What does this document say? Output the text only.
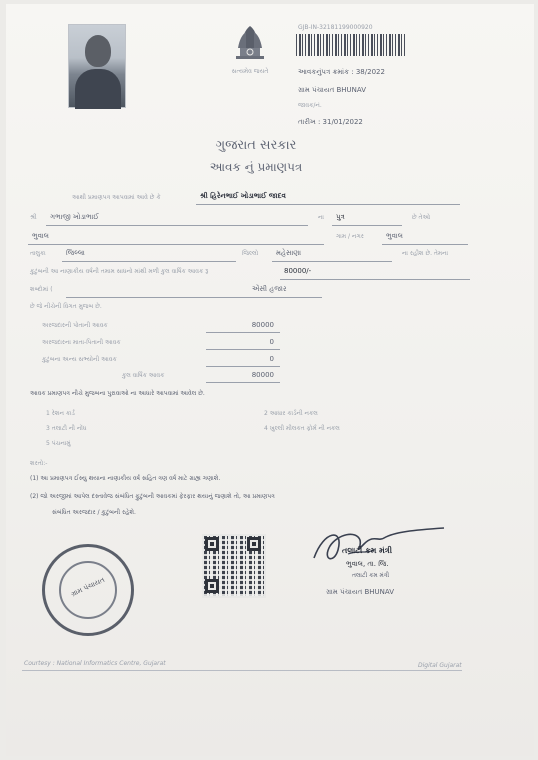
સત્યમેવ જયતે
GJB-IN-32181199000920
આવકનુંપત્ર ક્રમાંક : 38/2022
ગ્રામ પંચાયત BHUNAV
જાવક/નં.
તારીખ : 31/01/2022
ગુજરાત સરકાર
આવક નું પ્રમાણપત્ર
આથી પ્રમાણપત્ર આપવામાં આવે છે કે	શ્રી હિરેનભાઈ ખોડાભાઈ જાદવ
શ્રી ગભાજી ખોડાભાઈ	ના પુત્ર	છે તેઓ
ભુવાલ	ગામ / નગર	ભુવાલ
તાલુકા	જિલ્લા	જિલ્લો	મહેસાણા	ના રહીશ છે. તેમના
કુટુંબની આ નાણાકીય વર્ષની તમામ સાધનો માંથી મળી કુલ વાર્ષિક આવક રૂ	80000/-
શબ્દોમાં (	એંસી હજાર
છે જે નીચેની વિગત મુજબ છે.
અરજદારની પોતાની આવક	80000
અરજદારના માતા-પિતાની આવક	0
કુટુંબના અન્ય સભ્યોની આવક	0
કુલ વાર્ષિક આવક	80000
આવક પ્રમાણપત્ર નીચે મુજબના પુરાવાઓ ના આધારે આપવામાં આવેલ છે.
1 રેશન કાર્ડ	2 આધાર કાર્ડની નકલ
3 તલાટી ની નોંધ	4 ખુલ્લી મીલકત ફોર્મ ની નકલ
5 પંચનામું
શરતો:-
(1) આ પ્રમાણપત્ર ઈસ્યુ થયાના નાણાકીય વર્ષ સહિત ત્રણ વર્ષ માટે ગ્રાહ્ય ગણાશે.
(2) જો અરજીમાં આપેલ દસ્તાવેજ સંબંધિત ફુટુંબની આવકમાં ફેરફાર થયાનું જણાશે તો, આ પ્રમાણપત્ર
સંબંધિત અરજદાર / કુટુંબની રહેશે.
ગ્રામ પંચાયત
તલાટી કમ મંત્રી
ભુવાલ, તા. જિ.
તલાટી કમ મંત્રી
ગ્રામ પંચાયત BHUNAV
Courtesy : National Informatics Centre, Gujarat	Digital Gujarat
